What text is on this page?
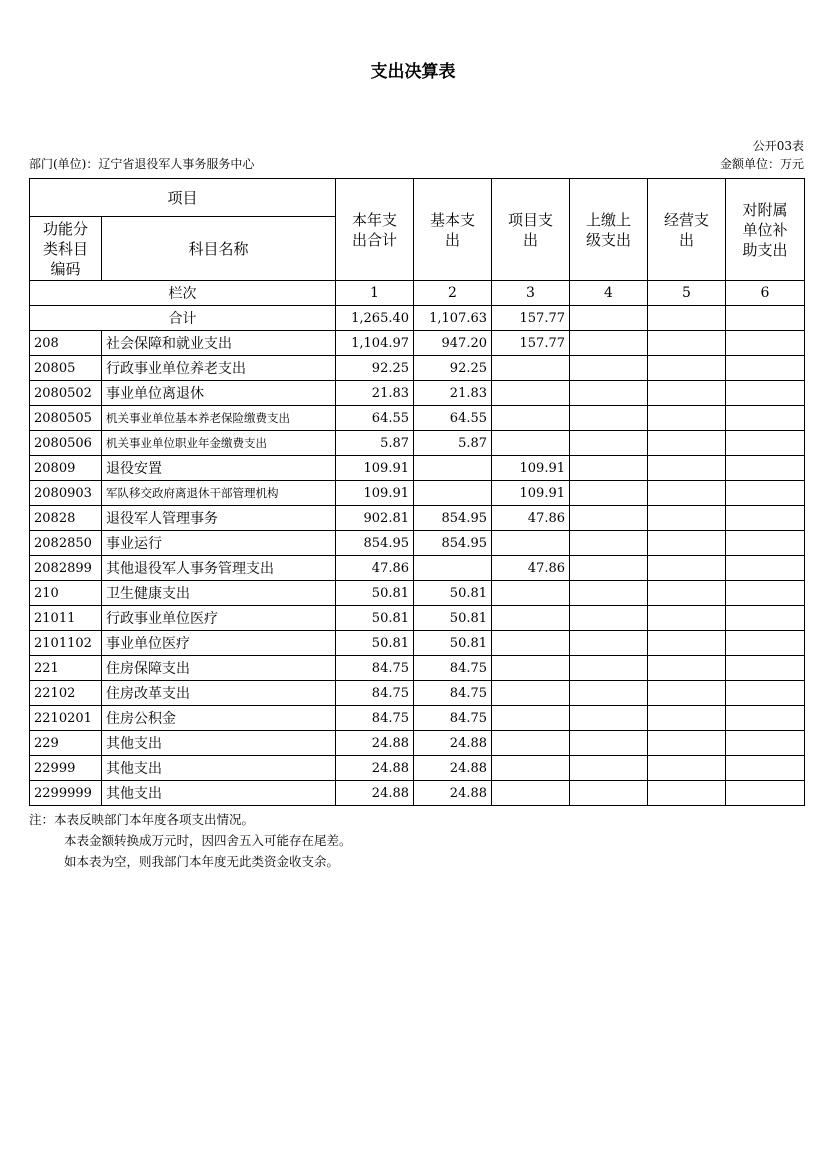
支出决算表
公开03表
部门(单位)：辽宁省退役军人事务服务中心	金额单位：万元
项目		本年支出合计	基本支出	项目支出	上缴上级支出	经营支出	对附属单位补助支出

功能分类科目编码	科目名称						
栏次		1	2	3	4	5	6
合计		1,265.40	1,107.63	157.77			
208	社会保障和就业支出	1,104.97	947.20	157.77			
20805	行政事业单位养老支出	92.25	92.25				
2080502	事业单位离退休	21.83	21.83				
2080505	机关事业单位基本养老保险缴费支出	64.55	64.55				
2080506	机关事业单位职业年金缴费支出	5.87	5.87				
20809	退役安置	109.91		109.91			
2080903	军队移交政府离退休干部管理机构	109.91		109.91			
20828	退役军人管理事务	902.81	854.95	47.86			
2082850	事业运行	854.95	854.95				
2082899	其他退役军人事务管理支出	47.86		47.86			
210	卫生健康支出	50.81	50.81				
21011	行政事业单位医疗	50.81	50.81				
2101102	事业单位医疗	50.81	50.81				
221	住房保障支出	84.75	84.75				
22102	住房改革支出	84.75	84.75				
2210201	住房公积金	84.75	84.75				
229	其他支出	24.88	24.88				
22999	其他支出	24.88	24.88				
2299999	其他支出	24.88	24.88				
注：本表反映部门本年度各项支出情况。
本表金额转换成万元时，因四舍五入可能存在尾差。
如本表为空，则我部门本年度无此类资金收支余。
